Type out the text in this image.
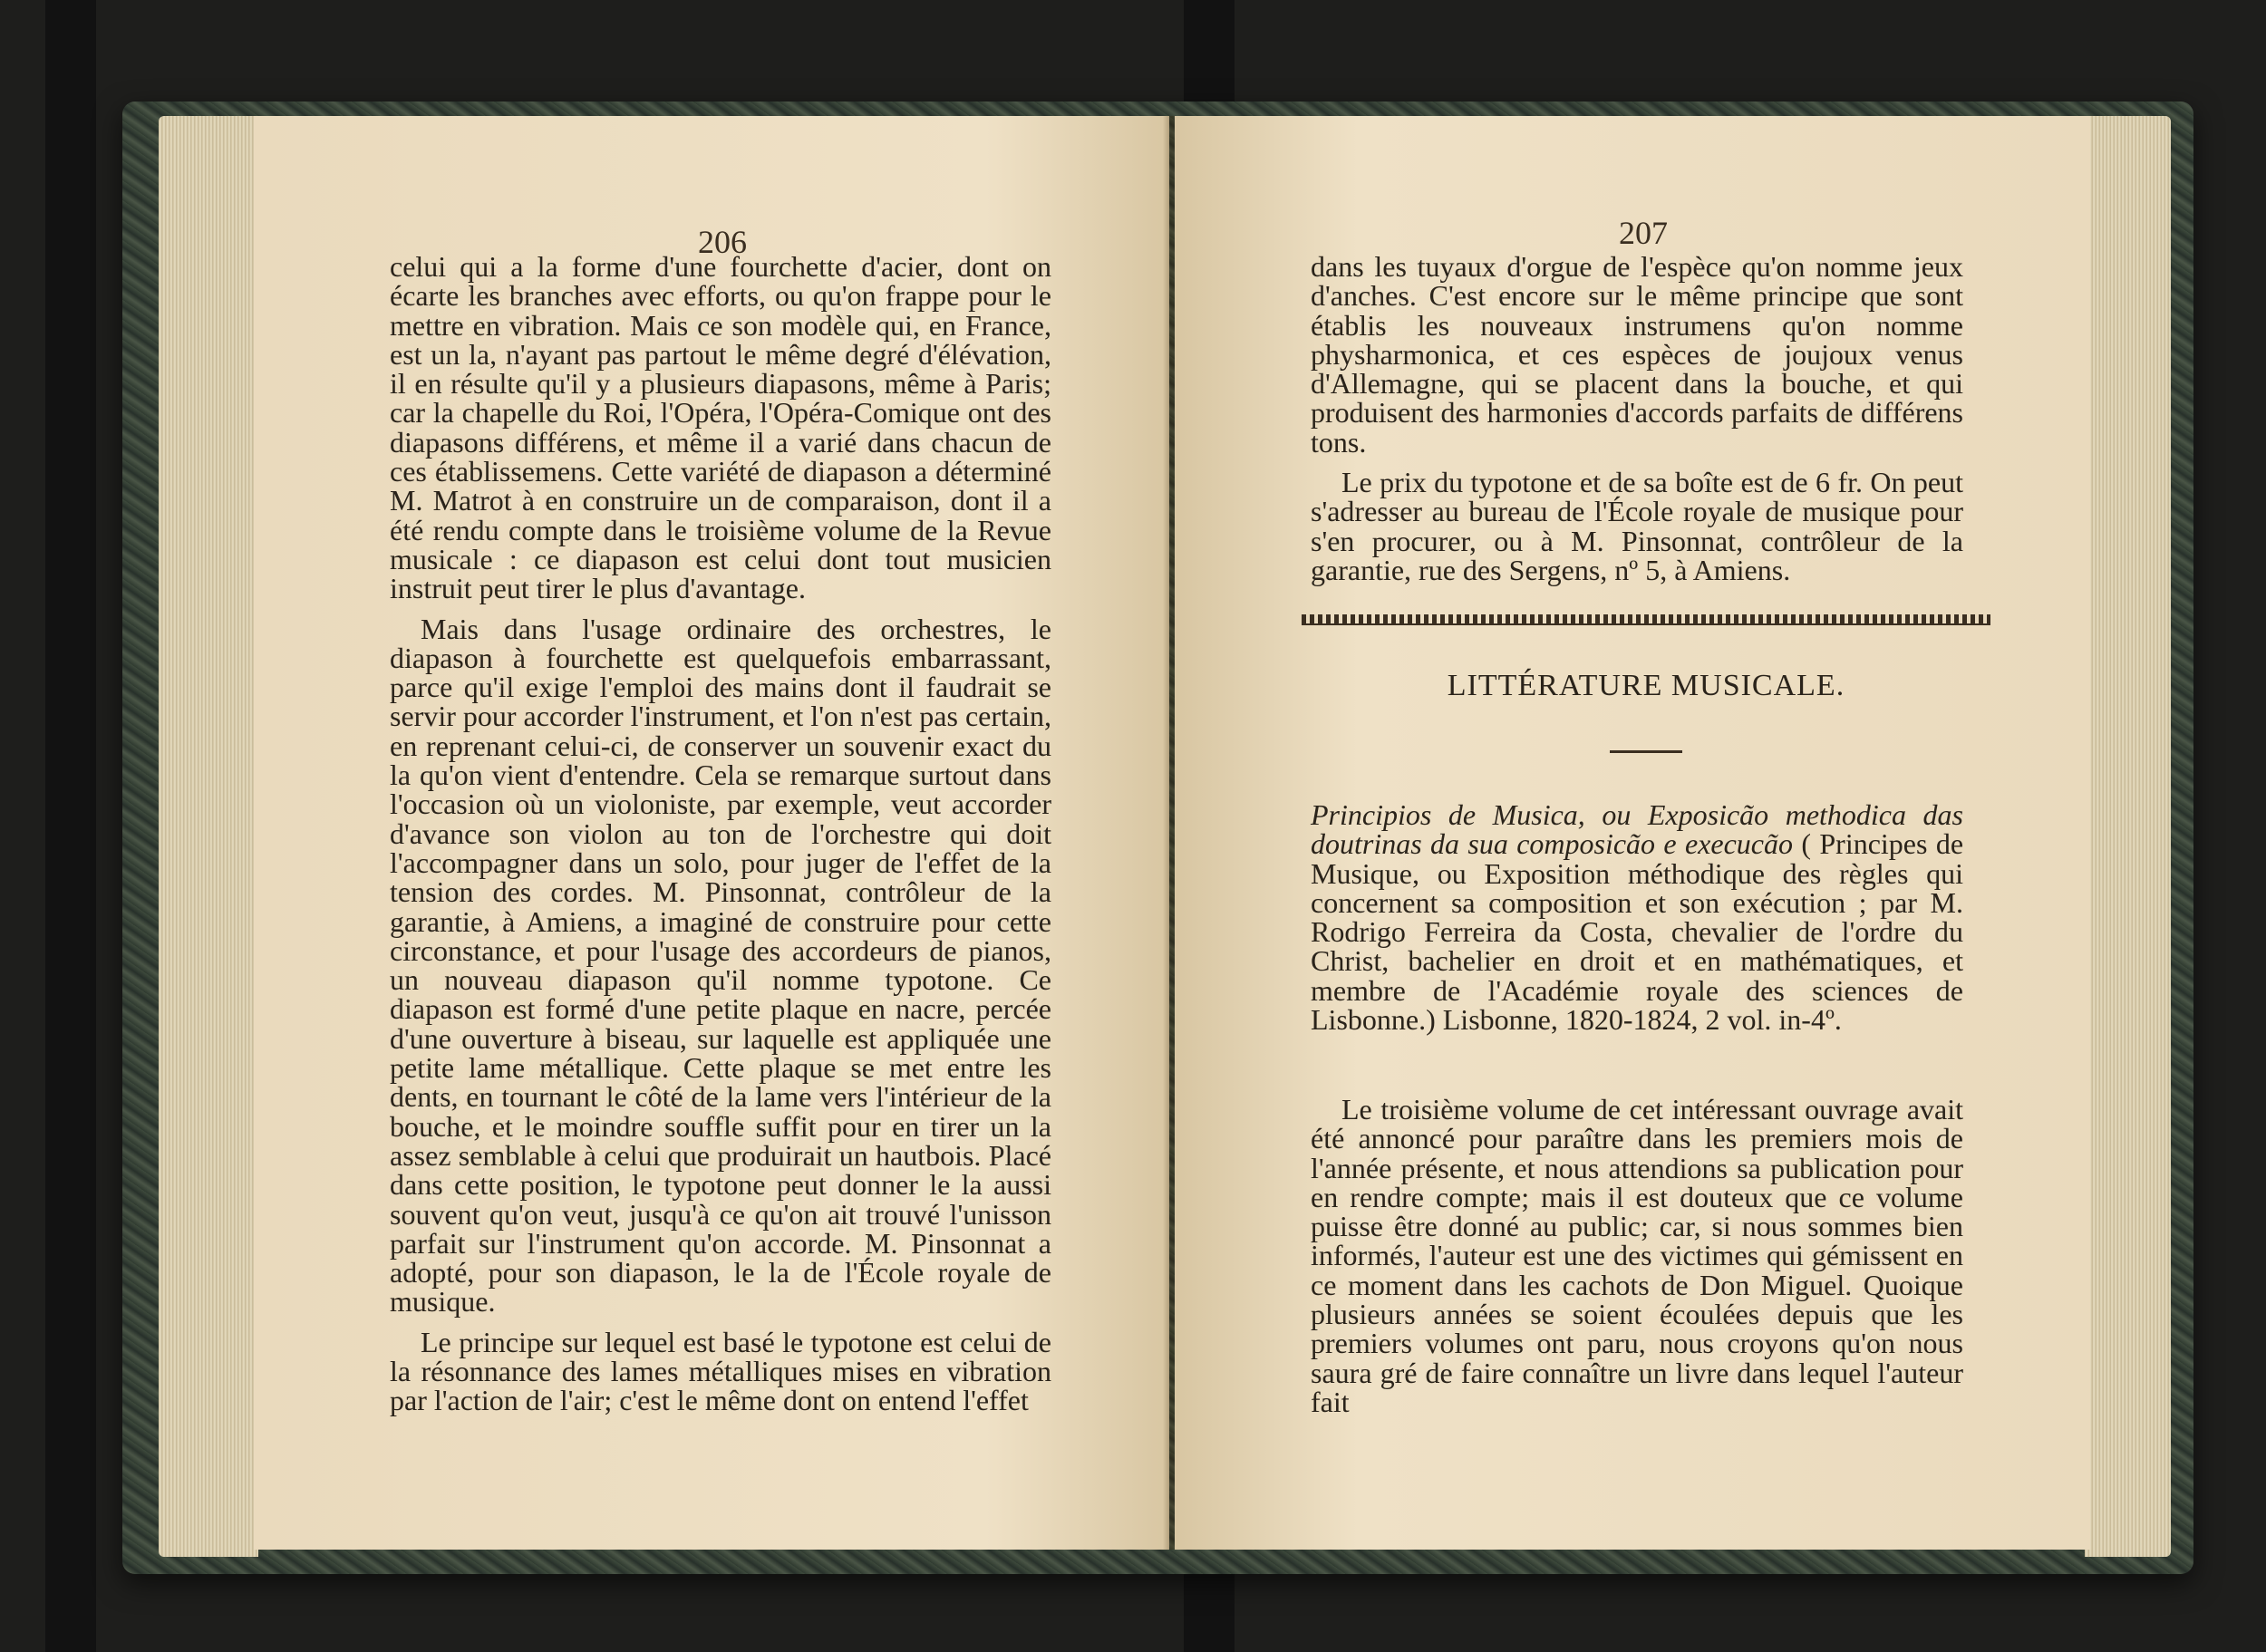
206

celui qui a la forme d'une fourchette d'acier, dont on écarte les branches avec efforts, ou qu'on frappe pour le mettre en vibration. Mais ce son modèle qui, en France, est un la, n'ayant pas partout le même degré d'élévation, il en résulte qu'il y a plusieurs diapasons, même à Paris; car la chapelle du Roi, l'Opéra, l'Opéra-Comique ont des diapasons différens, et même il a varié dans chacun de ces établissemens. Cette variété de diapason a déterminé M. Matrot à en construire un de comparaison, dont il a été rendu compte dans le troisième volume de la Revue musicale : ce diapason est celui dont tout musicien instruit peut tirer le plus d'avantage.

Mais dans l'usage ordinaire des orchestres, le diapason à fourchette est quelquefois embarrassant, parce qu'il exige l'emploi des mains dont il faudrait se servir pour accorder l'instrument, et l'on n'est pas certain, en reprenant celui-ci, de conserver un souvenir exact du la qu'on vient d'entendre. Cela se remarque surtout dans l'occasion où un violoniste, par exemple, veut accorder d'avance son violon au ton de l'orchestre qui doit l'accompagner dans un solo, pour juger de l'effet de la tension des cordes. M. Pinsonnat, contrôleur de la garantie, à Amiens, a imaginé de construire pour cette circonstance, et pour l'usage des accordeurs de pianos, un nouveau diapason qu'il nomme typotone. Ce diapason est formé d'une petite plaque en nacre, percée d'une ouverture à biseau, sur laquelle est appliquée une petite lame métallique. Cette plaque se met entre les dents, en tournant le côté de la lame vers l'intérieur de la bouche, et le moindre souffle suffit pour en tirer un la assez semblable à celui que produirait un hautbois. Placé dans cette position, le typotone peut donner le la aussi souvent qu'on veut, jusqu'à ce qu'on ait trouvé l'unisson parfait sur l'instrument qu'on accorde. M. Pinsonnat a adopté, pour son diapason, le la de l'École royale de musique.

Le principe sur lequel est basé le typotone est celui de la résonnance des lames métalliques mises en vibration par l'action de l'air; c'est le même dont on entend l'effet

207

dans les tuyaux d'orgue de l'espèce qu'on nomme jeux d'anches. C'est encore sur le même principe que sont établis les nouveaux instrumens qu'on nomme physharmonica, et ces espèces de joujoux venus d'Allemagne, qui se placent dans la bouche, et qui produisent des harmonies d'accords parfaits de différens tons.

Le prix du typotone et de sa boîte est de 6 fr. On peut s'adresser au bureau de l'École royale de musique pour s'en procurer, ou à M. Pinsonnat, contrôleur de la garantie, rue des Sergens, nº 5, à Amiens.

LITTÉRATURE MUSICALE.

Principios de Musica, ou Exposicão methodica das doutrinas da sua composicão e execucão ( Principes de Musique, ou Exposition méthodique des règles qui concernent sa composition et son exécution ; par M. Rodrigo Ferreira da Costa, chevalier de l'ordre du Christ, bachelier en droit et en mathématiques, et membre de l'Académie royale des sciences de Lisbonne.) Lisbonne, 1820-1824, 2 vol. in-4º.

Le troisième volume de cet intéressant ouvrage avait été annoncé pour paraître dans les premiers mois de l'année présente, et nous attendions sa publication pour en rendre compte; mais il est douteux que ce volume puisse être donné au public; car, si nous sommes bien informés, l'auteur est une des victimes qui gémissent en ce moment dans les cachots de Don Miguel. Quoique plusieurs années se soient écoulées depuis que les premiers volumes ont paru, nous croyons qu'on nous saura gré de faire connaître un livre dans lequel l'auteur fait
